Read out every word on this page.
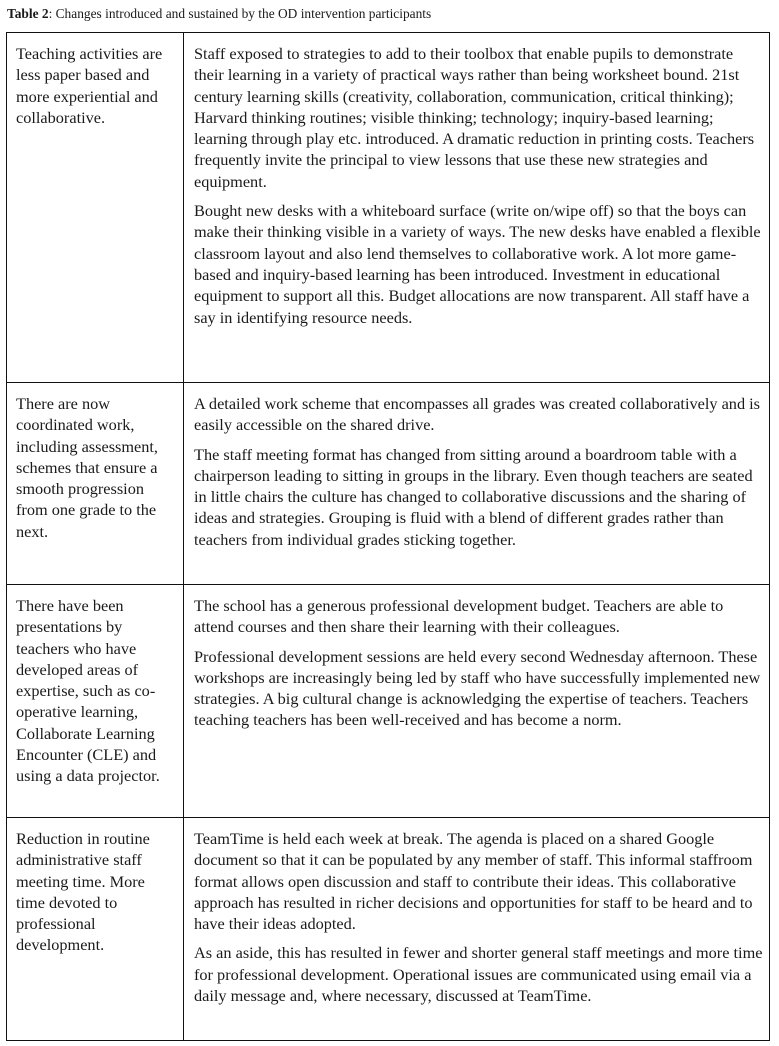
Table 2: Changes introduced and sustained by the OD intervention participants
Teaching activities are less paper based and more experiential and collaborative.	Staff exposed to strategies to add to their toolbox that enable pupils to demonstrate their learning in a variety of practical ways rather than being worksheet bound. 21st century learning skills (creativity, collaboration, communication, critical thinking); Harvard thinking routines; visible thinking; technology; inquiry-based learning; learning through play etc. introduced. A dramatic reduction in printing costs. Teachers frequently invite the principal to view lessons that use these new strategies and equipment.

Bought new desks with a whiteboard surface (write on/wipe off) so that the boys can make their thinking visible in a variety of ways. The new desks have enabled a flexible classroom layout and also lend themselves to collaborative work. A lot more game-based and inquiry-based learning has been introduced. Investment in educational equipment to support all this. Budget allocations are now transparent. All staff have a say in identifying resource needs.

There are now coordinated work, including assessment, schemes that ensure a smooth progression from one grade to the next.	A detailed work scheme that encompasses all grades was created collaboratively and is easily accessible on the shared drive.

The staff meeting format has changed from sitting around a boardroom table with a chairperson leading to sitting in groups in the library. Even though teachers are seated in little chairs the culture has changed to collaborative discussions and the sharing of ideas and strategies. Grouping is fluid with a blend of different grades rather than teachers from individual grades sticking together.

There have been presentations by teachers who have developed areas of expertise, such as co-operative learning, Collaborate Learning Encounter (CLE) and using a data projector.	The school has a generous professional development budget. Teachers are able to attend courses and then share their learning with their colleagues.

Professional development sessions are held every second Wednesday afternoon. These workshops are increasingly being led by staff who have successfully implemented new strategies. A big cultural change is acknowledging the expertise of teachers. Teachers teaching teachers has been well-received and has become a norm.

Reduction in routine administrative staff meeting time. More time devoted to professional development.	TeamTime is held each week at break. The agenda is placed on a shared Google document so that it can be populated by any member of staff. This informal staffroom format allows open discussion and staff to contribute their ideas. This collaborative approach has resulted in richer decisions and opportunities for staff to be heard and to have their ideas adopted.

As an aside, this has resulted in fewer and shorter general staff meetings and more time for professional development. Operational issues are communicated using email via a daily message and, where necessary, discussed at TeamTime.
